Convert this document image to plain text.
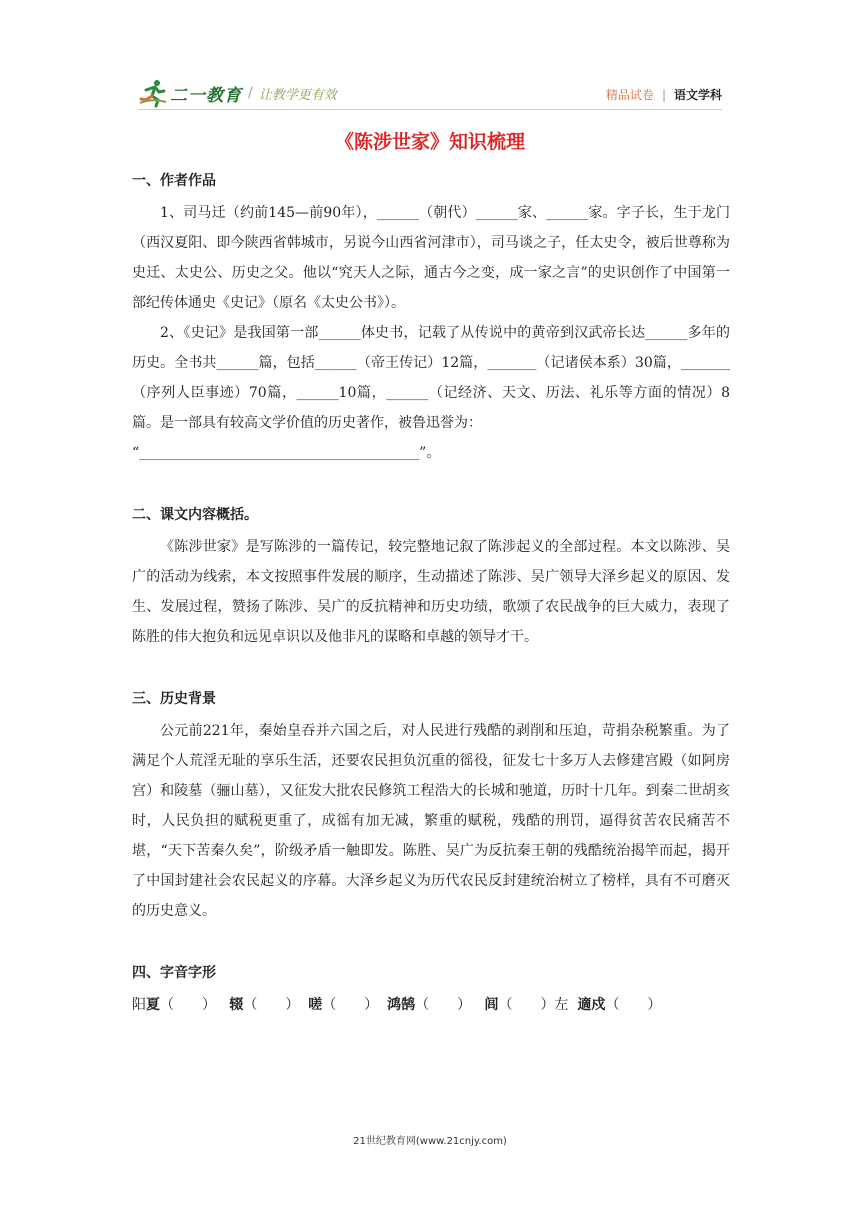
二一教育 / 让教学更有效	精品试卷 | 语文学科
《陈涉世家》知识梳理

一、作者作品

1、司马迁（约前145—前90年），______（朝代）______家、______家。字子长，生于龙门（西汉夏阳、即今陕西省韩城市，另说今山西省河津市），司马谈之子，任太史令，被后世尊称为史迁、太史公、历史之父。他以“究天人之际，通古今之变，成一家之言”的史识创作了中国第一部纪传体通史《史记》（原名《太史公书》）。

2、《史记》是我国第一部______体史书，记载了从传说中的黄帝到汉武帝长达______多年的历史。全书共______篇，包括______（帝王传记）12篇，_______（记诸侯本系）30篇，_______（序列人臣事迹）70篇，______10篇，______（记经济、天文、历法、礼乐等方面的情况）8篇。是一部具有较高文学价值的历史著作，被鲁迅誉为：

“________________________________________”。

二、课文内容概括。

《陈涉世家》是写陈涉的一篇传记，较完整地记叙了陈涉起义的全部过程。本文以陈涉、吴广的活动为线索，本文按照事件发展的顺序，生动描述了陈涉、吴广领导大泽乡起义的原因、发生、发展过程，赞扬了陈涉、吴广的反抗精神和历史功绩，歌颂了农民战争的巨大威力，表现了陈胜的伟大抱负和远见卓识以及他非凡的谋略和卓越的领导才干。

三、历史背景

公元前221年，秦始皇吞并六国之后，对人民进行残酷的剥削和压迫，苛捐杂税繁重。为了满足个人荒淫无耻的享乐生活，还要农民担负沉重的徭役，征发七十多万人去修建宫殿（如阿房宫）和陵墓（骊山墓），又征发大批农民修筑工程浩大的长城和驰道，历时十几年。到秦二世胡亥时，人民负担的赋税更重了，成徭有加无减，繁重的赋税，残酷的刑罚，逼得贫苦农民痛苦不堪，“天下苦秦久矣”，阶级矛盾一触即发。陈胜、吴广为反抗秦王朝的残酷统治揭竿而起，揭开了中国封建社会农民起义的序幕。大泽乡起义为历代农民反封建统治树立了榜样，具有不可磨灭的历史意义。

四、字音字形

阳夏（　　） 辍（　　） 嗟（　　） 鸿鹄（　　） 闾（　　）左 適戍（　　）

21世纪教育网(www.21cnjy.com)
